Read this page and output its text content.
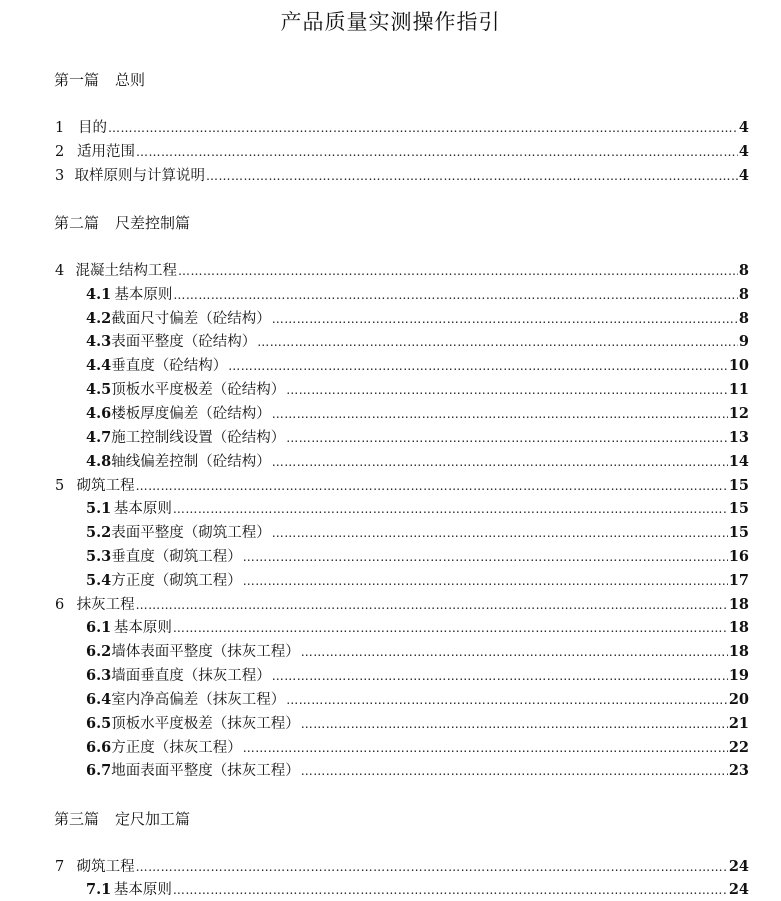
产品质量实测操作指引
第一篇 总则
1 目的 …………………………………………………………………………………………………………………………………………………………………………………………	4
2 适用范围 …………………………………………………………………………………………………………………………………………………………………………………………	4
3 取样原则与计算说明 …………………………………………………………………………………………………………………………………………………………………………………………	4
第二篇 尺差控制篇
4 混凝土结构工程 …………………………………………………………………………………………………………………………………………………………………………………………	8
4.1 基本原则 …………………………………………………………………………………………………………………………………………………………………………………………	8
4.2 截面尺寸偏差（砼结构） …………………………………………………………………………………………………………………………………………………………………………………………	8
4.3 表面平整度（砼结构） …………………………………………………………………………………………………………………………………………………………………………………………	9
4.4 垂直度（砼结构） …………………………………………………………………………………………………………………………………………………………………………………………	10
4.5 顶板水平度极差（砼结构） …………………………………………………………………………………………………………………………………………………………………………………………	11
4.6 楼板厚度偏差（砼结构） …………………………………………………………………………………………………………………………………………………………………………………………	12
4.7 施工控制线设置（砼结构） …………………………………………………………………………………………………………………………………………………………………………………………	13
4.8 轴线偏差控制（砼结构） …………………………………………………………………………………………………………………………………………………………………………………………	14
5 砌筑工程 …………………………………………………………………………………………………………………………………………………………………………………………	15
5.1 基本原则 …………………………………………………………………………………………………………………………………………………………………………………………	15
5.2 表面平整度（砌筑工程） …………………………………………………………………………………………………………………………………………………………………………………………	15
5.3 垂直度（砌筑工程） …………………………………………………………………………………………………………………………………………………………………………………………	16
5.4 方正度（砌筑工程） …………………………………………………………………………………………………………………………………………………………………………………………	17
6 抹灰工程 …………………………………………………………………………………………………………………………………………………………………………………………	18
6.1 基本原则 …………………………………………………………………………………………………………………………………………………………………………………………	18
6.2 墙体表面平整度（抹灰工程） …………………………………………………………………………………………………………………………………………………………………………………………	18
6.3 墙面垂直度（抹灰工程） …………………………………………………………………………………………………………………………………………………………………………………………	19
6.4 室内净高偏差（抹灰工程） …………………………………………………………………………………………………………………………………………………………………………………………	20
6.5 顶板水平度极差（抹灰工程） …………………………………………………………………………………………………………………………………………………………………………………………	21
6.6 方正度（抹灰工程） …………………………………………………………………………………………………………………………………………………………………………………………	22
6.7 地面表面平整度（抹灰工程） …………………………………………………………………………………………………………………………………………………………………………………………	23
第三篇 定尺加工篇
7 砌筑工程 …………………………………………………………………………………………………………………………………………………………………………………………	24
7.1 基本原则 …………………………………………………………………………………………………………………………………………………………………………………………	24
